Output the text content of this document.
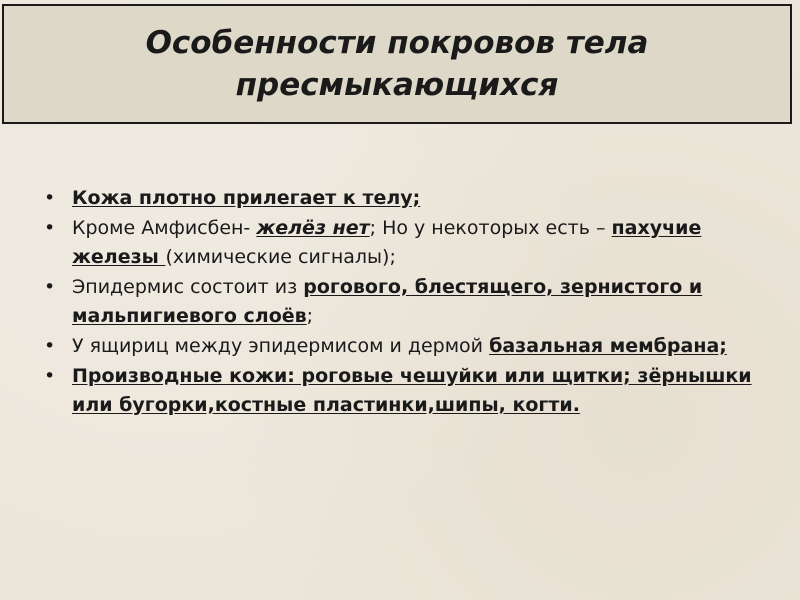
Особенности покровов тела
пресмыкающихся
• Кожа плотно прилегает к телу;
• Кроме Амфисбен- желёз нет; Но у некоторых есть – пахучие железы (химические сигналы);
• Эпидермис состоит из рогового, блестящего, зернистого и мальпигиевого слоёв;
• У ящириц между эпидермисом и дермой базальная мембрана;
• Производные кожи: роговые чешуйки или щитки; зёрнышки или бугорки,костные пластинки,шипы, когти.
